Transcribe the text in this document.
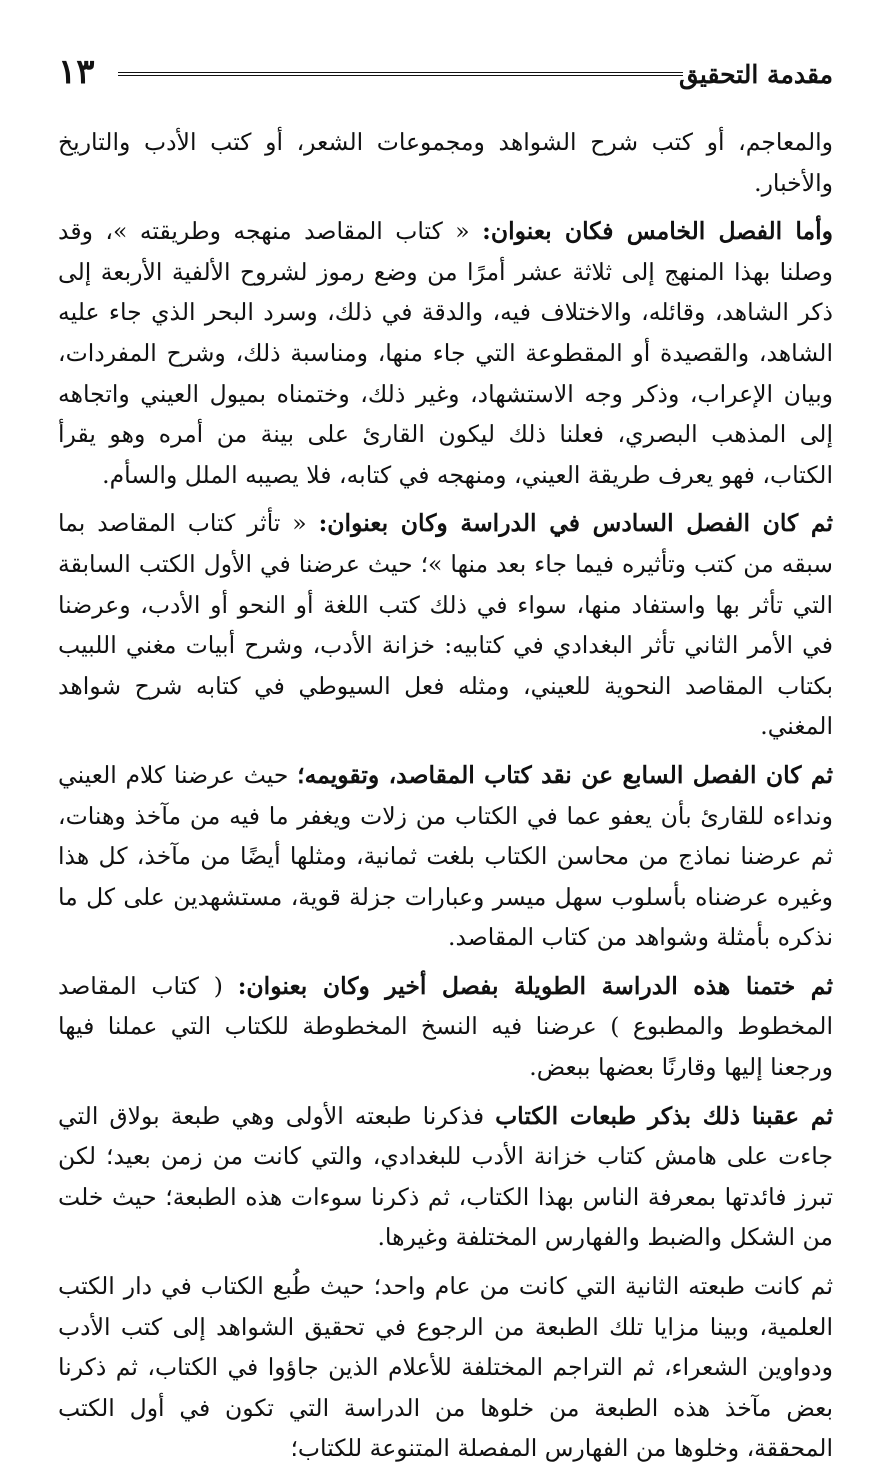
مقدمة التحقيق
١٣

والمعاجم، أو كتب شرح الشواهد ومجموعات الشعر، أو كتب الأدب والتاريخ والأخبار.

وأما الفصل الخامس فكان بعنوان: « كتاب المقاصد منهجه وطريقته »، وقد وصلنا بهذا المنهج إلى ثلاثة عشر أمرًا من وضع رموز لشروح الألفية الأربعة إلى ذكر الشاهد، وقائله، والاختلاف فيه، والدقة في ذلك، وسرد البحر الذي جاء عليه الشاهد، والقصيدة أو المقطوعة التي جاء منها، ومناسبة ذلك، وشرح المفردات، وبيان الإعراب، وذكر وجه الاستشهاد، وغير ذلك، وختمناه بميول العيني واتجاهه إلى المذهب البصري، فعلنا ذلك ليكون القارئ على بينة من أمره وهو يقرأ الكتاب، فهو يعرف طريقة العيني، ومنهجه في كتابه، فلا يصيبه الملل والسأم.

ثم كان الفصل السادس في الدراسة وكان بعنوان: « تأثر كتاب المقاصد بما سبقه من كتب وتأثيره فيما جاء بعد منها »؛ حيث عرضنا في الأول الكتب السابقة التي تأثر بها واستفاد منها، سواء في ذلك كتب اللغة أو النحو أو الأدب، وعرضنا في الأمر الثاني تأثر البغدادي في كتابيه: خزانة الأدب، وشرح أبيات مغني اللبيب بكتاب المقاصد النحوية للعيني، ومثله فعل السيوطي في كتابه شرح شواهد المغني.

ثم كان الفصل السابع عن نقد كتاب المقاصد، وتقويمه؛ حيث عرضنا كلام العيني ونداءه للقارئ بأن يعفو عما في الكتاب من زلات ويغفر ما فيه من مآخذ وهنات، ثم عرضنا نماذج من محاسن الكتاب بلغت ثمانية، ومثلها أيضًا من مآخذ، كل هذا وغيره عرضناه بأسلوب سهل ميسر وعبارات جزلة قوية، مستشهدين على كل ما نذكره بأمثلة وشواهد من كتاب المقاصد.

ثم ختمنا هذه الدراسة الطويلة بفصل أخير وكان بعنوان: ( كتاب المقاصد المخطوط والمطبوع ) عرضنا فيه النسخ المخطوطة للكتاب التي عملنا فيها ورجعنا إليها وقارنًا بعضها ببعض.

ثم عقبنا ذلك بذكر طبعات الكتاب فذكرنا طبعته الأولى وهي طبعة بولاق التي جاءت على هامش كتاب خزانة الأدب للبغدادي، والتي كانت من زمن بعيد؛ لكن تبرز فائدتها بمعرفة الناس بهذا الكتاب، ثم ذكرنا سوءات هذه الطبعة؛ حيث خلت من الشكل والضبط والفهارس المختلفة وغيرها.

ثم كانت طبعته الثانية التي كانت من عام واحد؛ حيث طُبع الكتاب في دار الكتب العلمية، وبينا مزايا تلك الطبعة من الرجوع في تحقيق الشواهد إلى كتب الأدب ودواوين الشعراء، ثم التراجم المختلفة للأعلام الذين جاؤوا في الكتاب، ثم ذكرنا بعض مآخذ هذه الطبعة من خلوها من الدراسة التي تكون في أول الكتب المحققة، وخلوها من الفهارس المفصلة المتنوعة للكتاب؛
